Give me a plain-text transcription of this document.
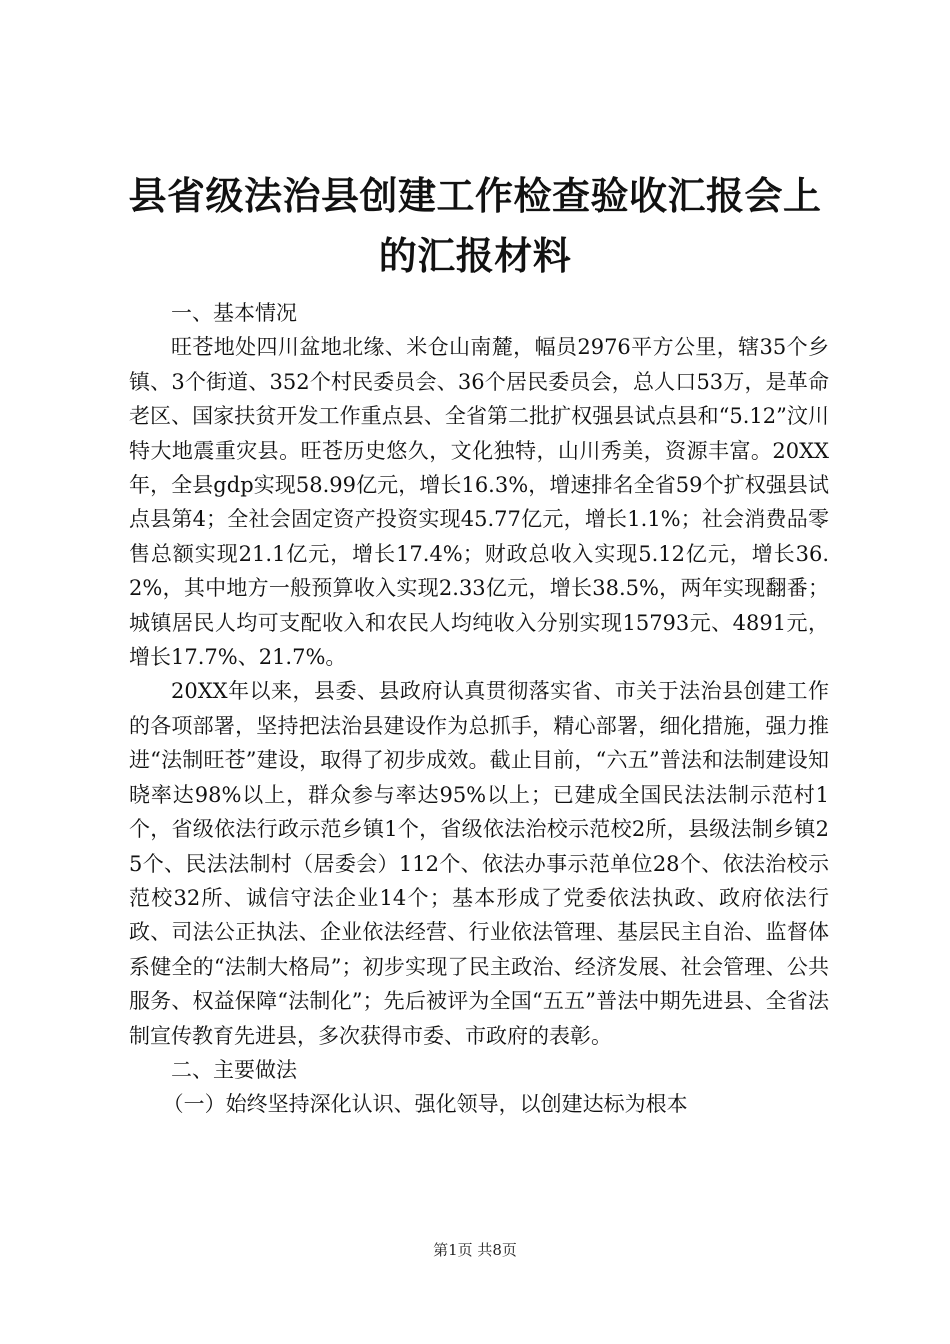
县省级法治县创建工作检查验收汇报会上的汇报材料

一、基本情况

旺苍地处四川盆地北缘、米仓山南麓，幅员2976平方公里，辖35个乡镇、3个街道、352个村民委员会、36个居民委员会，总人口53万，是革命老区、国家扶贫开发工作重点县、全省第二批扩权强县试点县和“5.12”汶川特大地震重灾县。旺苍历史悠久，文化独特，山川秀美，资源丰富。20XX年，全县gdp实现58.99亿元，增长16.3%，增速排名全省59个扩权强县试点县第4；全社会固定资产投资实现45.77亿元，增长1.1%；社会消费品零售总额实现21.1亿元，增长17.4%；财政总收入实现5.12亿元，增长36.2%，其中地方一般预算收入实现2.33亿元，增长38.5%，两年实现翻番；城镇居民人均可支配收入和农民人均纯收入分别实现15793元、4891元，增长17.7%、21.7%。

20XX年以来，县委、县政府认真贯彻落实省、市关于法治县创建工作的各项部署，坚持把法治县建设作为总抓手，精心部署，细化措施，强力推进“法制旺苍”建设，取得了初步成效。截止目前，“六五”普法和法制建设知晓率达98%以上，群众参与率达95%以上；已建成全国民法法制示范村1个，省级依法行政示范乡镇1个，省级依法治校示范校2所，县级法制乡镇25个、民法法制村（居委会）112个、依法办事示范单位28个、依法治校示范校32所、诚信守法企业14个；基本形成了党委依法执政、政府依法行政、司法公正执法、企业依法经营、行业依法管理、基层民主自治、监督体系健全的“法制大格局”；初步实现了民主政治、经济发展、社会管理、公共服务、权益保障“法制化”；先后被评为全国“五五”普法中期先进县、全省法制宣传教育先进县，多次获得市委、市政府的表彰。

二、主要做法

（一）始终坚持深化认识、强化领导，以创建达标为根本

第1页 共8页
